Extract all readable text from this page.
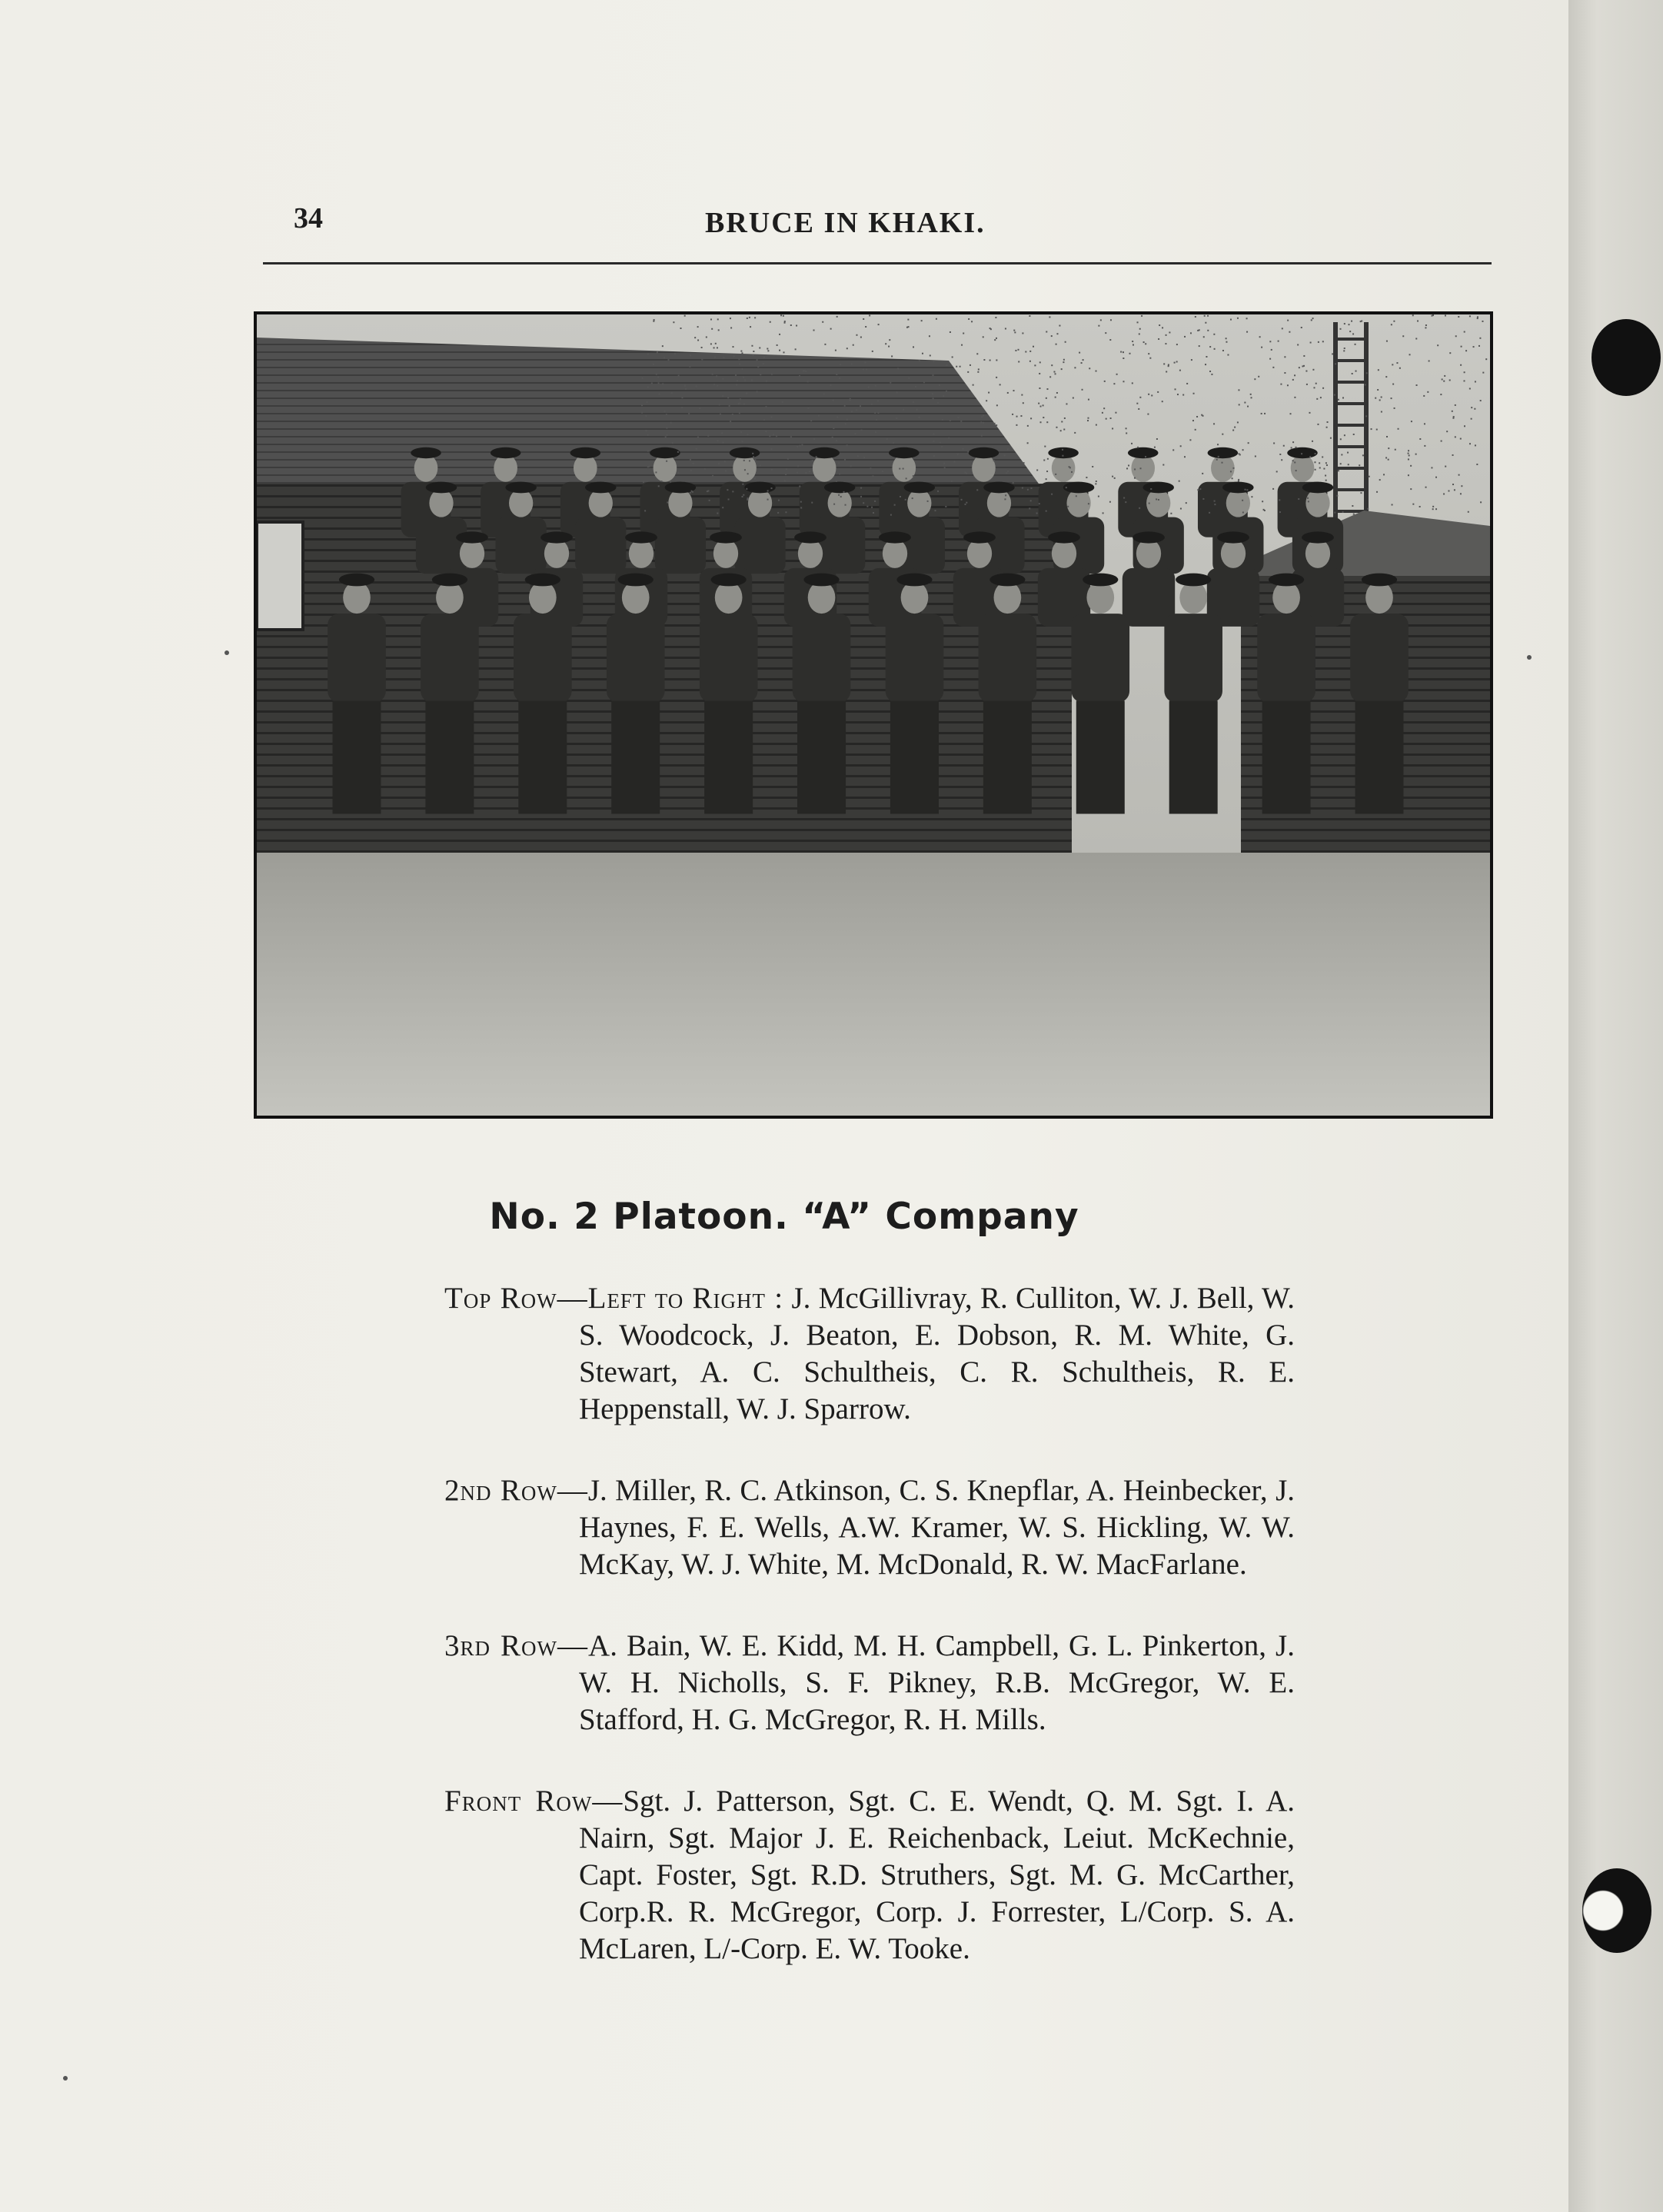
34	BRUCE IN KHAKI.
No. 2 Platoon. “A” Company

Top Row—Left to Right : J. McGillivray, R. Culliton, W. J. Bell, W. S. Woodcock, J. Beaton, E. Dobson, R. M. White, G. Stewart, A. C. Schultheis, C. R. Schultheis, R. E. Heppenstall, W. J. Sparrow.

2nd Row—J. Miller, R. C. Atkinson, C. S. Knepflar, A. Heinbecker, J. Haynes, F. E. Wells, A.W. Kramer, W. S. Hickling, W. W. McKay, W. J. White, M. McDonald, R. W. MacFarlane.

3rd Row—A. Bain, W. E. Kidd, M. H. Campbell, G. L. Pinkerton, J. W. H. Nicholls, S. F. Pikney, R.B. McGregor, W. E. Stafford, H. G. McGregor, R. H. Mills.

Front Row—Sgt. J. Patterson, Sgt. C. E. Wendt, Q. M. Sgt. I. A. Nairn, Sgt. Major J. E. Reichenback, Leiut. McKechnie, Capt. Foster, Sgt. R.D. Struthers, Sgt. M. G. McCarther, Corp.R. R. McGregor, Corp. J. Forrester, L/Corp. S. A. McLaren, L/-Corp. E. W. Tooke.
